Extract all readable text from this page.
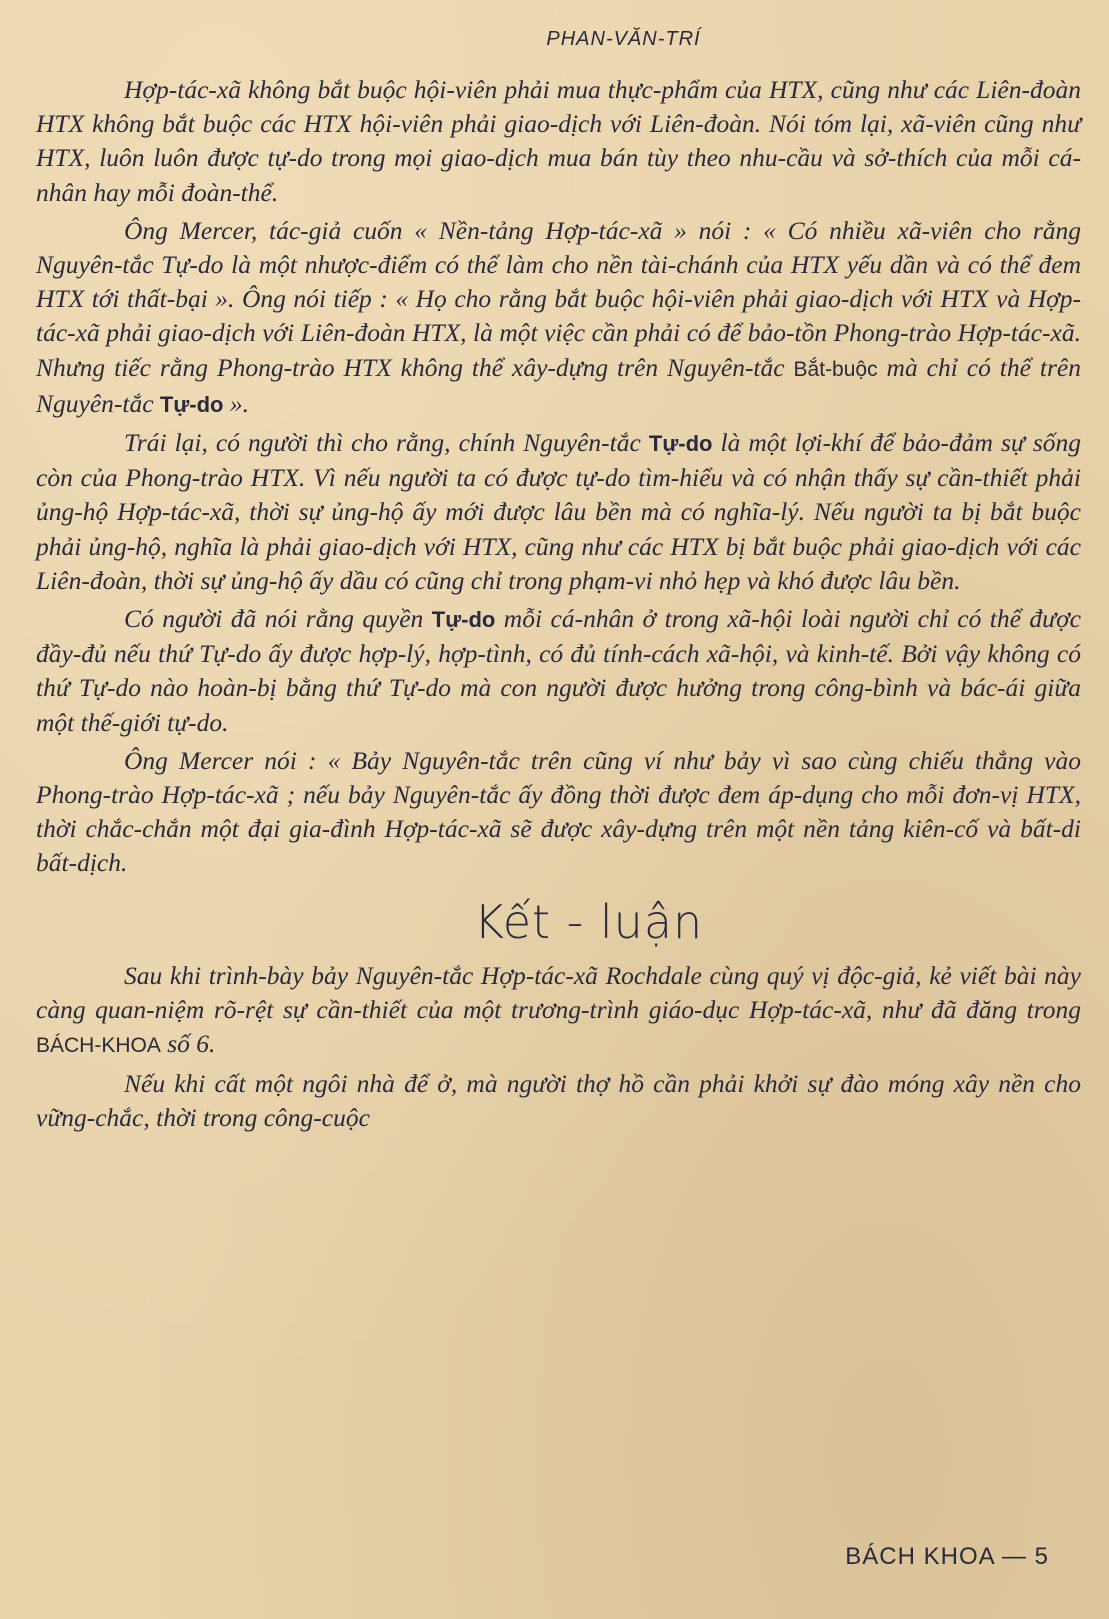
PHAN-VĂN-TRÍ

Hợp-tác-xã không bắt buộc hội-viên phải mua thực-phẩm của HTX, cũng như các Liên-đoàn HTX không bắt buộc các HTX hội-viên phải giao-dịch với Liên-đoàn. Nói tóm lại, xã-viên cũng như HTX, luôn luôn được tự-do trong mọi giao-dịch mua bán tùy theo nhu-cầu và sở-thích của mỗi cá-nhân hay mỗi đoàn-thể.

Ông Mercer, tác-giả cuốn « Nền-tảng Hợp-tác-xã » nói : « Có nhiều xã-viên cho rằng Nguyên-tắc Tự-do là một nhược-điểm có thể làm cho nền tài-chánh của HTX yếu dần và có thể đem HTX tới thất-bại ». Ông nói tiếp : « Họ cho rằng bắt buộc hội-viên phải giao-dịch với HTX và Hợp-tác-xã phải giao-dịch với Liên-đoàn HTX, là một việc cần phải có để bảo-tồn Phong-trào Hợp-tác-xã. Nhưng tiếc rằng Phong-trào HTX không thể xây-dựng trên Nguyên-tắc Bắt-buộc mà chỉ có thể trên Nguyên-tắc Tự-do ».

Trái lại, có người thì cho rằng, chính Nguyên-tắc Tự-do là một lợi-khí để bảo-đảm sự sống còn của Phong-trào HTX. Vì nếu người ta có được tự-do tìm-hiểu và có nhận thấy sự cần-thiết phải ủng-hộ Hợp-tác-xã, thời sự ủng-hộ ấy mới được lâu bền mà có nghĩa-lý. Nếu người ta bị bắt buộc phải ủng-hộ, nghĩa là phải giao-dịch với HTX, cũng như các HTX bị bắt buộc phải giao-dịch với các Liên-đoàn, thời sự ủng-hộ ấy dầu có cũng chỉ trong phạm-vi nhỏ hẹp và khó được lâu bền.

Có người đã nói rằng quyền Tự-do mỗi cá-nhân ở trong xã-hội loài người chỉ có thể được đầy-đủ nếu thứ Tự-do ấy được hợp-lý, hợp-tình, có đủ tính-cách xã-hội, và kinh-tế. Bởi vậy không có thứ Tự-do nào hoàn-bị bằng thứ Tự-do mà con người được hưởng trong công-bình và bác-ái giữa một thế-giới tự-do.

Ông Mercer nói : « Bảy Nguyên-tắc trên cũng ví như bảy vì sao cùng chiếu thẳng vào Phong-trào Hợp-tác-xã ; nếu bảy Nguyên-tắc ấy đồng thời được đem áp-dụng cho mỗi đơn-vị HTX, thời chắc-chắn một đại gia-đình Hợp-tác-xã sẽ được xây-dựng trên một nền tảng kiên-cố và bất-di bất-dịch.

Kết - luận

Sau khi trình-bày bảy Nguyên-tắc Hợp-tác-xã Rochdale cùng quý vị độc-giả, kẻ viết bài này càng quan-niệm rõ-rệt sự cần-thiết của một trương-trình giáo-dục Hợp-tác-xã, như đã đăng trong BÁCH-KHOA số 6.

Nếu khi cất một ngôi nhà để ở, mà người thợ hồ cần phải khởi sự đào móng xây nền cho vững-chắc, thời trong công-cuộc

BÁCH KHOA — 5
